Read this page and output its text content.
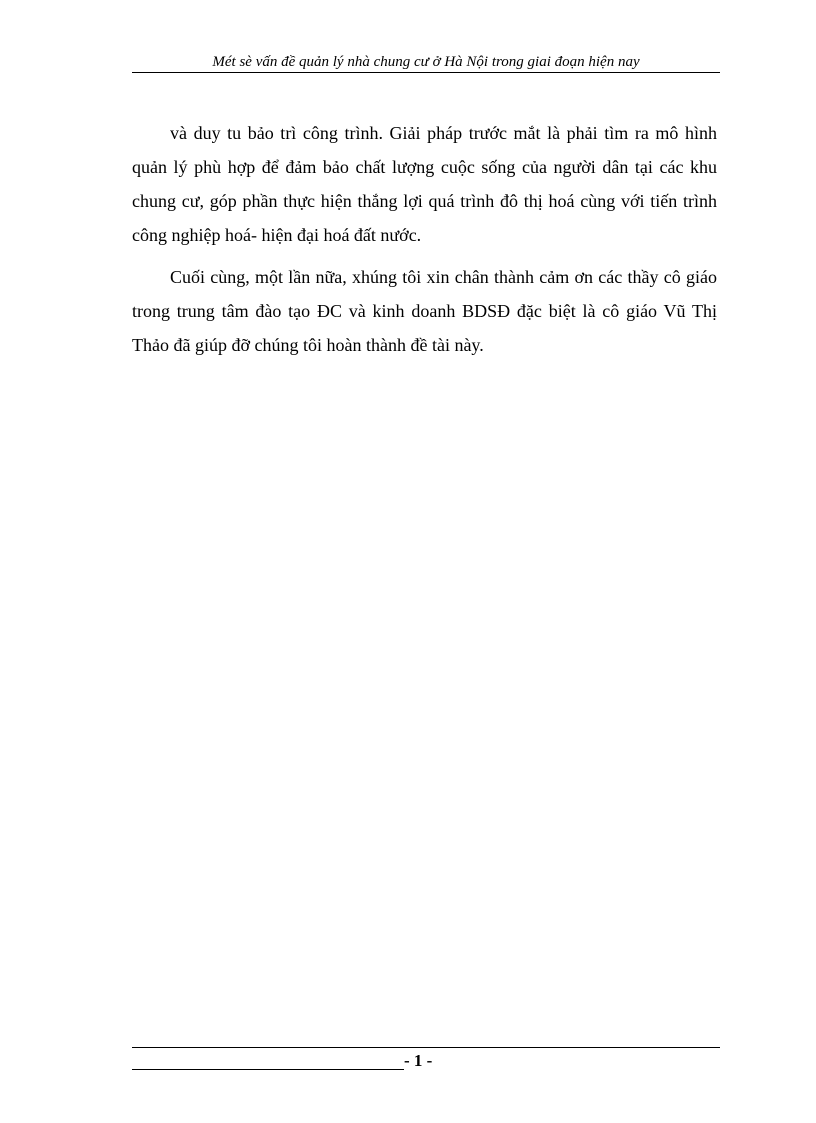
Mét sè vấn đề quản lý nhà chung cư ở Hà Nội trong giai đoạn hiện nay

và duy tu bảo trì công trình. Giải pháp trước mắt là phải tìm ra mô hình quản lý phù hợp để đảm bảo chất lượng cuộc sống của người dân tại các khu chung cư, góp phần thực hiện thắng lợi quá trình đô thị hoá cùng với tiến trình công nghiệp hoá- hiện đại hoá đất nước.

Cuối cùng, một lần nữa, xhúng tôi xin chân thành cảm ơn các thầy cô giáo trong trung tâm đào tạo ĐC và kinh doanh BDSĐ đặc biệt là cô giáo Vũ Thị Thảo đã giúp đỡ chúng tôi hoàn thành đề tài này.

- 1 -
